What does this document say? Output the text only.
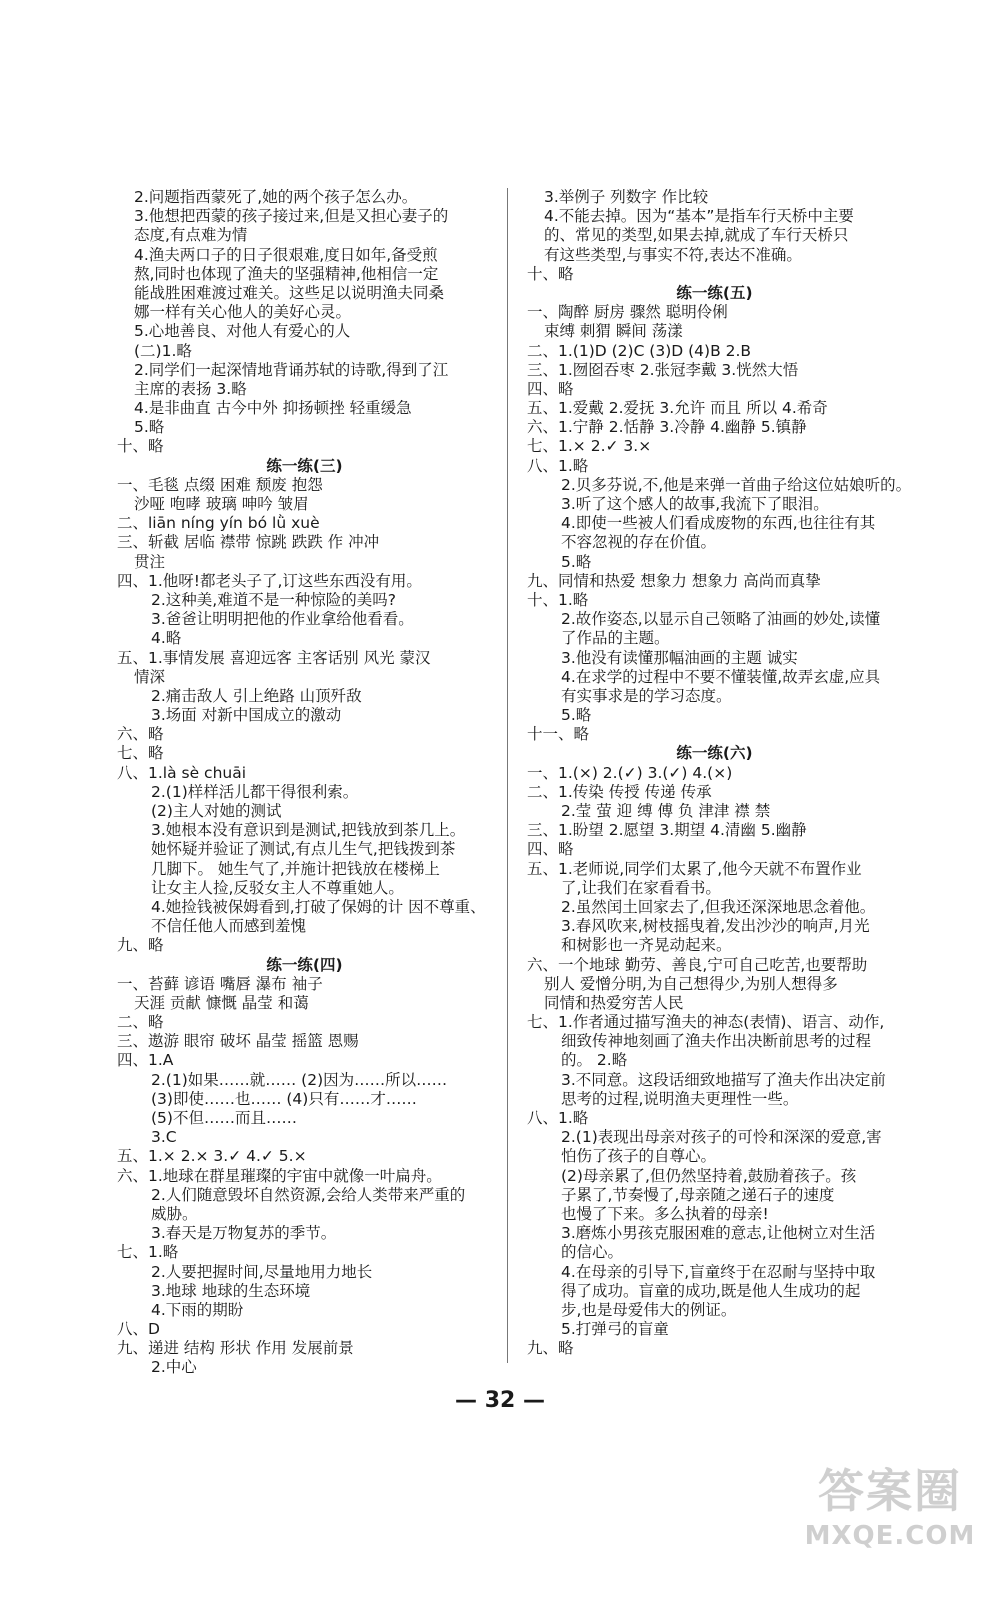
2.问题指西蒙死了,她的两个孩子怎么办。
3.他想把西蒙的孩子接过来,但是又担心妻子的
态度,有点难为情
4.渔夫两口子的日子很艰难,度日如年,备受煎
熬,同时也体现了渔夫的坚强精神,他相信一定
能战胜困难渡过难关。这些足以说明渔夫同桑
娜一样有关心他人的美好心灵。
5.心地善良、对他人有爱心的人
(二)1.略
2.同学们一起深情地背诵苏轼的诗歌,得到了江
主席的表扬 3.略
4.是非曲直 古今中外 抑扬顿挫 轻重缓急
5.略
十、略
练一练(三)
一、毛毯 点缀 困难 颓废 抱怨
沙哑 咆哮 玻璃 呻吟 皱眉
二、liān níng yín bó lǜ xuè
三、斩截 居临 襟带 惊跳 跌跌 作 冲冲
贯注
四、1.他呀!都老头子了,订这些东西没有用。
2.这种美,难道不是一种惊险的美吗?
3.爸爸让明明把他的作业拿给他看看。
4.略
五、1.事情发展 喜迎远客 主客话别 风光 蒙汉
情深
2.痛击敌人 引上绝路 山顶歼敌
3.场面 对新中国成立的激动
六、略
七、略
八、1.là sè chuāi
2.(1)样样活儿都干得很利索。
(2)主人对她的测试
3.她根本没有意识到是测试,把钱放到茶几上。
她怀疑并验证了测试,有点儿生气,把钱拨到茶
几脚下。 她生气了,并施计把钱放在楼梯上
让女主人捡,反驳女主人不尊重她人。
4.她捡钱被保姆看到,打破了保姆的计 因不尊重、
不信任他人而感到羞愧
九、略
练一练(四)
一、苔藓 谚语 嘴唇 瀑布 袖子
天涯 贡献 慷慨 晶莹 和蔼
二、略
三、遨游 眼帘 破坏 晶莹 摇篮 恩赐
四、1.A
2.(1)如果……就…… (2)因为……所以……
(3)即使……也…… (4)只有……才……
(5)不但……而且……
3.C
五、1.× 2.× 3.✓ 4.✓ 5.×
六、1.地球在群星璀璨的宇宙中就像一叶扁舟。
2.人们随意毁坏自然资源,会给人类带来严重的
威胁。
3.春天是万物复苏的季节。
七、1.略
2.人要把握时间,尽量地用力地长
3.地球 地球的生态环境
4.下雨的期盼
八、D
九、递进 结构 形状 作用 发展前景
2.中心
3.举例子 列数字 作比较
4.不能去掉。因为“基本”是指车行天桥中主要
的、常见的类型,如果去掉,就成了车行天桥只
有这些类型,与事实不符,表达不准确。
十、略
练一练(五)
一、陶醉 厨房 骤然 聪明伶俐
束缚 刺猬 瞬间 荡漾
二、1.(1)D (2)C (3)D (4)B 2.B
三、1.囫囵吞枣 2.张冠李戴 3.恍然大悟
四、略
五、1.爱戴 2.爱抚 3.允许 而且 所以 4.希奇
六、1.宁静 2.恬静 3.冷静 4.幽静 5.镇静
七、1.× 2.✓ 3.×
八、1.略
2.贝多芬说,不,他是来弹一首曲子给这位姑娘听的。
3.听了这个感人的故事,我流下了眼泪。
4.即使一些被人们看成废物的东西,也往往有其
不容忽视的存在价值。
5.略
九、同情和热爱 想象力 想象力 高尚而真挚
十、1.略
2.故作姿态,以显示自己领略了油画的妙处,读懂
了作品的主题。
3.他没有读懂那幅油画的主题 诚实
4.在求学的过程中不要不懂装懂,故弄玄虚,应具
有实事求是的学习态度。
5.略
十一、略
练一练(六)
一、1.(×) 2.(✓) 3.(✓) 4.(×)
二、1.传染 传授 传递 传承
2.莹 萤 迎 缚 傅 负 津津 襟 禁
三、1.盼望 2.愿望 3.期望 4.清幽 5.幽静
四、略
五、1.老师说,同学们太累了,他今天就不布置作业
了,让我们在家看看书。
2.虽然闰土回家去了,但我还深深地思念着他。
3.春风吹来,树枝摇曳着,发出沙沙的响声,月光
和树影也一齐晃动起来。
六、一个地球 勤劳、善良,宁可自己吃苦,也要帮助
别人 爱憎分明,为自己想得少,为别人想得多
同情和热爱穷苦人民
七、1.作者通过描写渔夫的神态(表情)、语言、动作,
细致传神地刻画了渔夫作出决断前思考的过程
的。 2.略
3.不同意。这段话细致地描写了渔夫作出决定前
思考的过程,说明渔夫更理性一些。
八、1.略
2.(1)表现出母亲对孩子的可怜和深深的爱意,害
怕伤了孩子的自尊心。
(2)母亲累了,但仍然坚持着,鼓励着孩子。孩
子累了,节奏慢了,母亲随之递石子的速度
也慢了下来。多么执着的母亲!
3.磨炼小男孩克服困难的意志,让他树立对生活
的信心。
4.在母亲的引导下,盲童终于在忍耐与坚持中取
得了成功。盲童的成功,既是他人生成功的起
步,也是母爱伟大的例证。
5.打弹弓的盲童
九、略
— 32 —
答案圈
MXQE.COM
